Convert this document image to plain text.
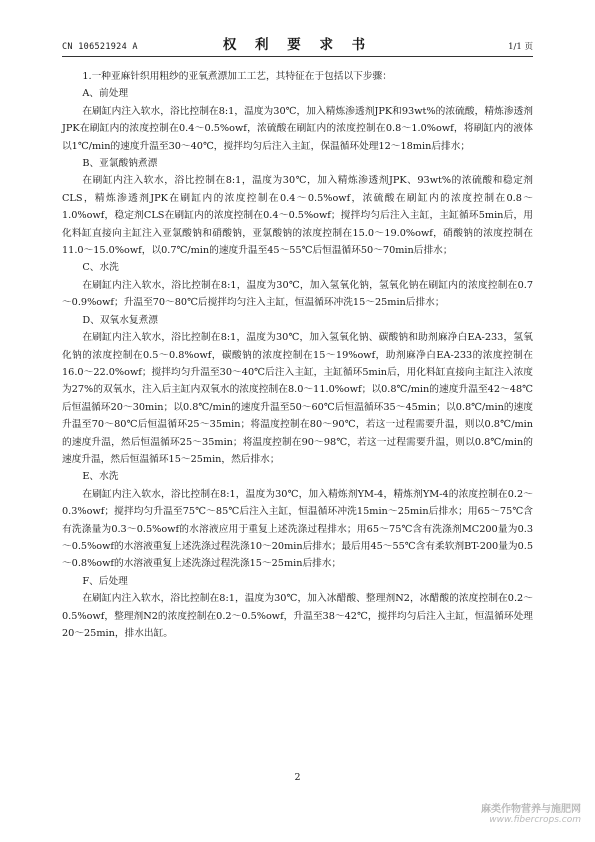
CN 106521924 A	权 利 要 求 书	1/1 页

1.一种亚麻针织用粗纱的亚氧煮漂加工工艺，其特征在于包括以下步骤：

A、前处理

在刷缸内注入软水，浴比控制在8:1，温度为30℃，加入精炼渗透剂JPK和93wt%的浓硫酸，精炼渗透剂JPK在刷缸内的浓度控制在0.4～0.5%owf，浓硫酸在刷缸内的浓度控制在0.8～1.0%owf，将刷缸内的液体以1℃/min的速度升温至30～40℃，搅拌均匀后注入主缸，保温循环处理12～18min后排水；

B、亚氯酸钠煮漂

在刷缸内注入软水，浴比控制在8:1，温度为30℃，加入精炼渗透剂JPK、93wt%的浓硫酸和稳定剂CLS，精炼渗透剂JPK在刷缸内的浓度控制在0.4～0.5%owf，浓硫酸在刷缸内的浓度控制在0.8～1.0%owf，稳定剂CLS在刷缸内的浓度控制在0.4～0.5%owf；搅拌均匀后注入主缸，主缸循环5min后，用化料缸直接向主缸注入亚氯酸钠和硝酸钠，亚氯酸钠的浓度控制在15.0～19.0%owf，硝酸钠的浓度控制在11.0～15.0%owf，以0.7℃/min的速度升温至45～55℃后恒温循环50～70min后排水；

C、水洗

在刷缸内注入软水，浴比控制在8:1，温度为30℃，加入氢氧化钠，氢氧化钠在刷缸内的浓度控制在0.7～0.9%owf；升温至70～80℃后搅拌均匀注入主缸，恒温循环冲洗15～25min后排水；

D、双氧水复煮漂

在刷缸内注入软水，浴比控制在8:1，温度为30℃，加入氢氧化钠、碳酸钠和助剂麻净白EA-233，氢氧化钠的浓度控制在0.5～0.8%owf，碳酸钠的浓度控制在15～19%owf，助剂麻净白EA-233的浓度控制在16.0～22.0%owf；搅拌均匀升温至30～40℃后注入主缸，主缸循环5min后，用化料缸直接向主缸注入浓度为27%的双氧水，注入后主缸内双氧水的浓度控制在8.0～11.0%owf；以0.8℃/min的速度升温至42～48℃后恒温循环20～30min；以0.8℃/min的速度升温至50～60℃后恒温循环35～45min；以0.8℃/min的速度升温至70～80℃后恒温循环25～35min；将温度控制在80～90℃，若这一过程需要升温，则以0.8℃/min的速度升温，然后恒温循环25～35min；将温度控制在90～98℃，若这一过程需要升温，则以0.8℃/min的速度升温，然后恒温循环15～25min，然后排水；

E、水洗

在刷缸内注入软水，浴比控制在8:1，温度为30℃，加入精炼剂YM-4，精炼剂YM-4的浓度控制在0.2～0.3%owf；搅拌均匀升温至75℃～85℃后注入主缸，恒温循环冲洗15min～25min后排水；用65～75℃含有洗涤量为0.3～0.5%owf的水溶液应用于重复上述洗涤过程排水；用65～75℃含有洗涤剂MC200量为0.3～0.5%owf的水溶液重复上述洗涤过程洗涤10～20min后排水；最后用45～55℃含有柔软剂BT-200量为0.5～0.8%owf的水溶液重复上述洗涤过程洗涤15～25min后排水；

F、后处理

在刷缸内注入软水，浴比控制在8:1，温度为30℃，加入冰醋酸、整理剂N2，冰醋酸的浓度控制在0.2～0.5%owf，整理剂N2的浓度控制在0.2～0.5%owf，升温至38～42℃，搅拌均匀后注入主缸，恒温循环处理20～25min，排水出缸。

2
麻类作物营养与施肥网
www.fibercrops.com
